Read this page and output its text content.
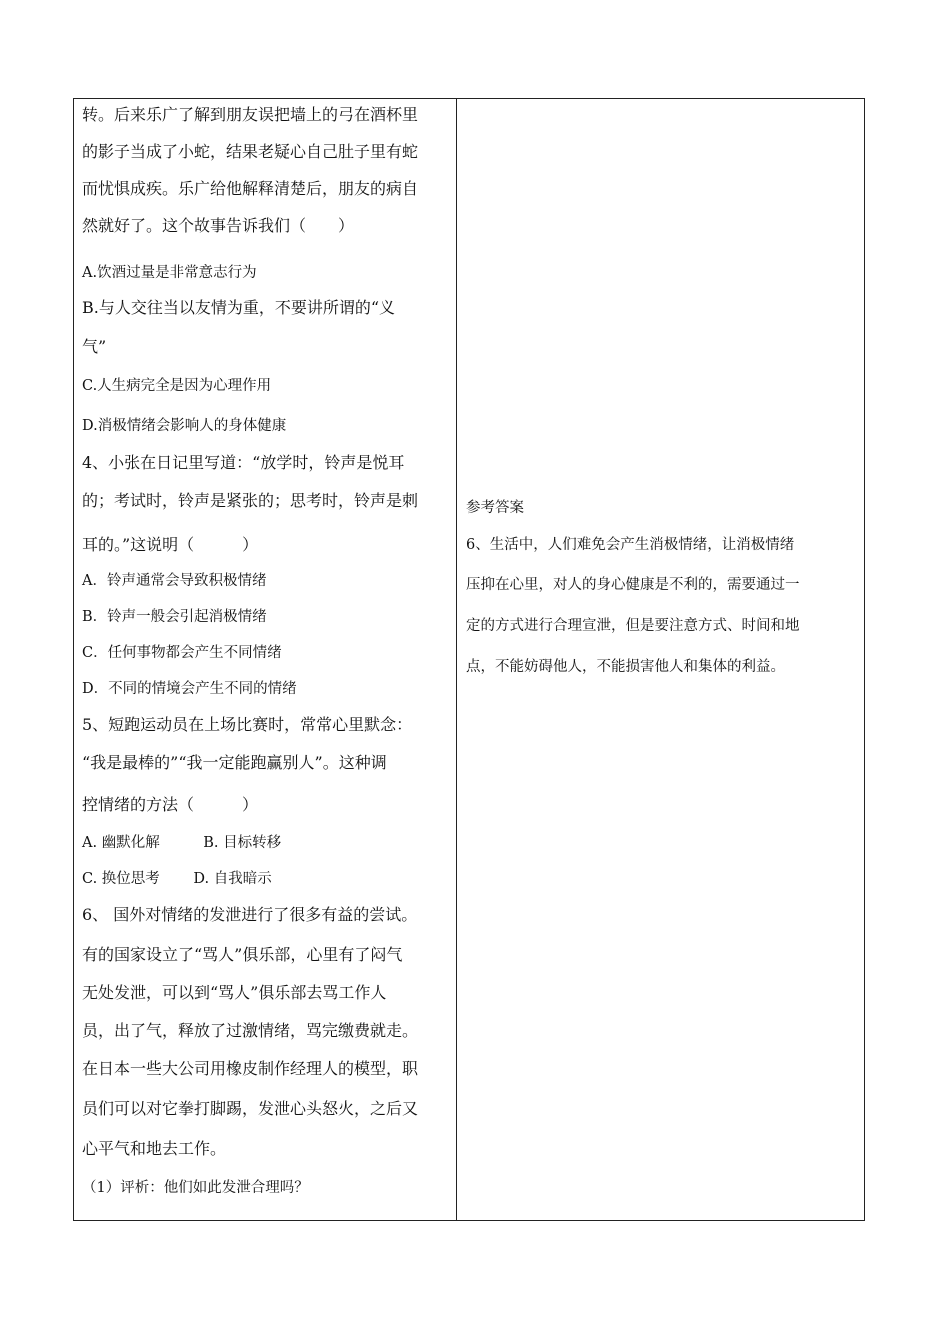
转。后来乐广了解到朋友误把墙上的弓在酒杯里
的影子当成了小蛇，结果老疑心自己肚子里有蛇
而忧惧成疾。乐广给他解释清楚后，朋友的病自
然就好了。这个故事告诉我们（　　）
A.饮酒过量是非常意志行为
B.与人交往当以友情为重，不要讲所谓的“义
气”
C.人生病完全是因为心理作用
D.消极情绪会影响人的身体健康
4、小张在日记里写道：“放学时，铃声是悦耳
的；考试时，铃声是紧张的；思考时，铃声是刺
耳的。”这说明（　　　）
A．铃声通常会导致积极情绪
B．铃声一般会引起消极情绪
C．任何事物都会产生不同情绪
D．不同的情境会产生不同的情绪
5、短跑运动员在上场比赛时，常常心里默念：
“我是最棒的”“我一定能跑赢别人”。这种调
控情绪的方法（　　　）
A. 幽默化解　　　B. 目标转移
C. 换位思考　　 D. 自我暗示
6、 国外对情绪的发泄进行了很多有益的尝试。
有的国家设立了“骂人”俱乐部，心里有了闷气
无处发泄，可以到“骂人”俱乐部去骂工作人
员，出了气，释放了过激情绪，骂完缴费就走。
在日本一些大公司用橡皮制作经理人的模型，职
员们可以对它拳打脚踢，发泄心头怒火，之后又
心平气和地去工作。
（1）评析：他们如此发泄合理吗？
参考答案
6、生活中，人们难免会产生消极情绪，让消极情绪
压抑在心里，对人的身心健康是不利的，需要通过一
定的方式进行合理宣泄，但是要注意方式、时间和地
点，不能妨碍他人，不能损害他人和集体的利益。
